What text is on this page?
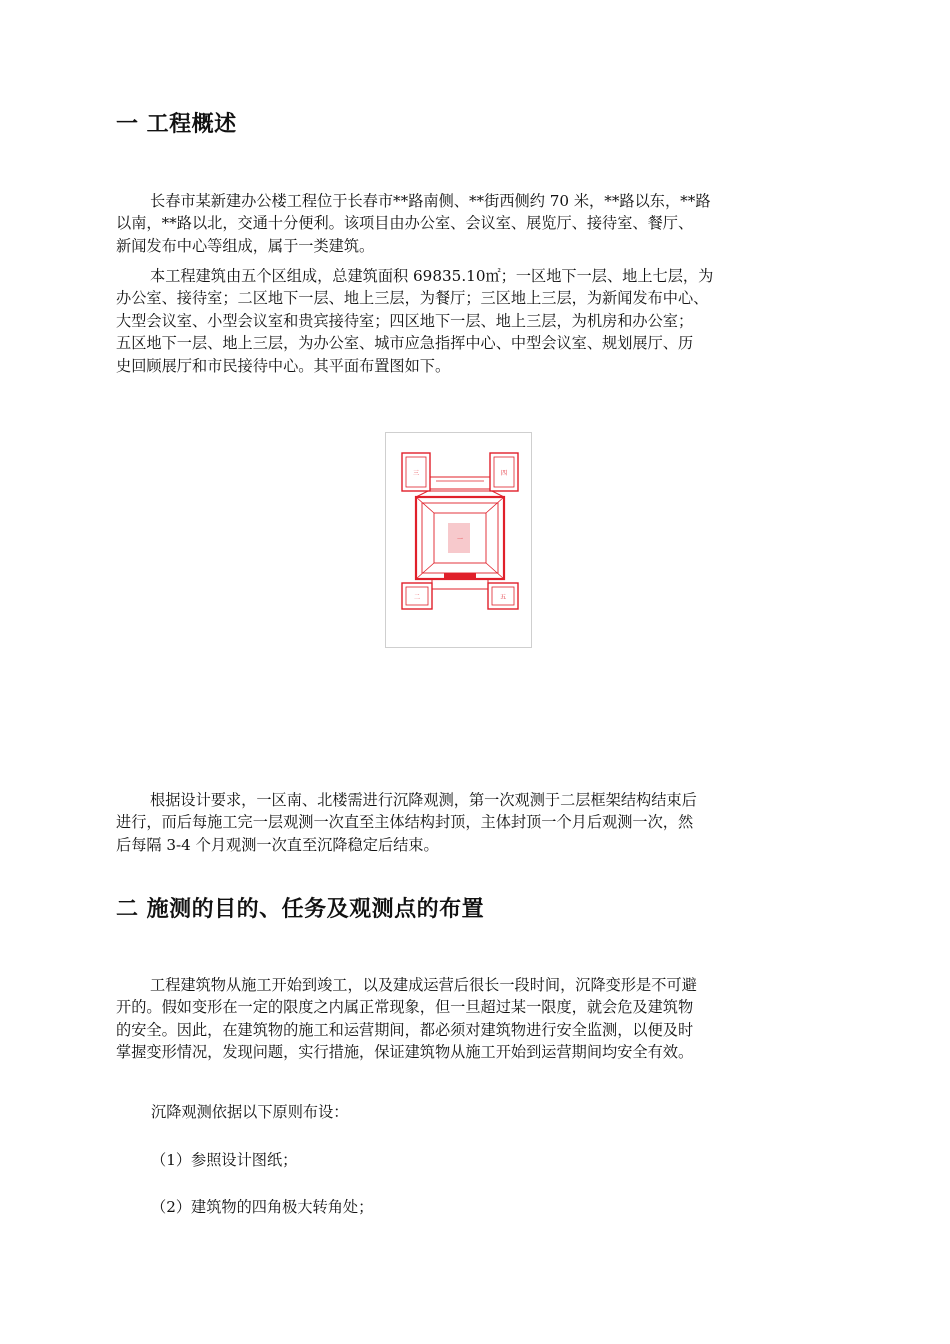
一 工程概述

长春市某新建办公楼工程位于长春市**路南侧、**街西侧约 70 米，**路以东，**路
以南，**路以北，交通十分便利。该项目由办公室、会议室、展览厅、接待室、餐厅、
新闻发布中心等组成，属于一类建筑。

本工程建筑由五个区组成，总建筑面积 69835.10㎡；一区地下一层、地上七层，为
办公室、接待室；二区地下一层、地上三层，为餐厅；三区地上三层，为新闻发布中心、
大型会议室、小型会议室和贵宾接待室；四区地下一层、地上三层，为机房和办公室；
五区地下一层、地上三层，为办公室、城市应急指挥中心、中型会议室、规划展厅、历
史回顾展厅和市民接待中心。其平面布置图如下。

三	四
一
二	五

根据设计要求，一区南、北楼需进行沉降观测，第一次观测于二层框架结构结束后
进行，而后每施工完一层观测一次直至主体结构封顶，主体封顶一个月后观测一次，然
后每隔 3-4 个月观测一次直至沉降稳定后结束。

二 施测的目的、任务及观测点的布置

工程建筑物从施工开始到竣工，以及建成运营后很长一段时间，沉降变形是不可避
开的。假如变形在一定的限度之内属正常现象，但一旦超过某一限度，就会危及建筑物
的安全。因此，在建筑物的施工和运营期间，都必须对建筑物进行安全监测，以便及时
掌握变形情况，发现问题，实行措施，保证建筑物从施工开始到运营期间均安全有效。

沉降观测依据以下原则布设：

（1）参照设计图纸；

（2）建筑物的四角极大转角处；
